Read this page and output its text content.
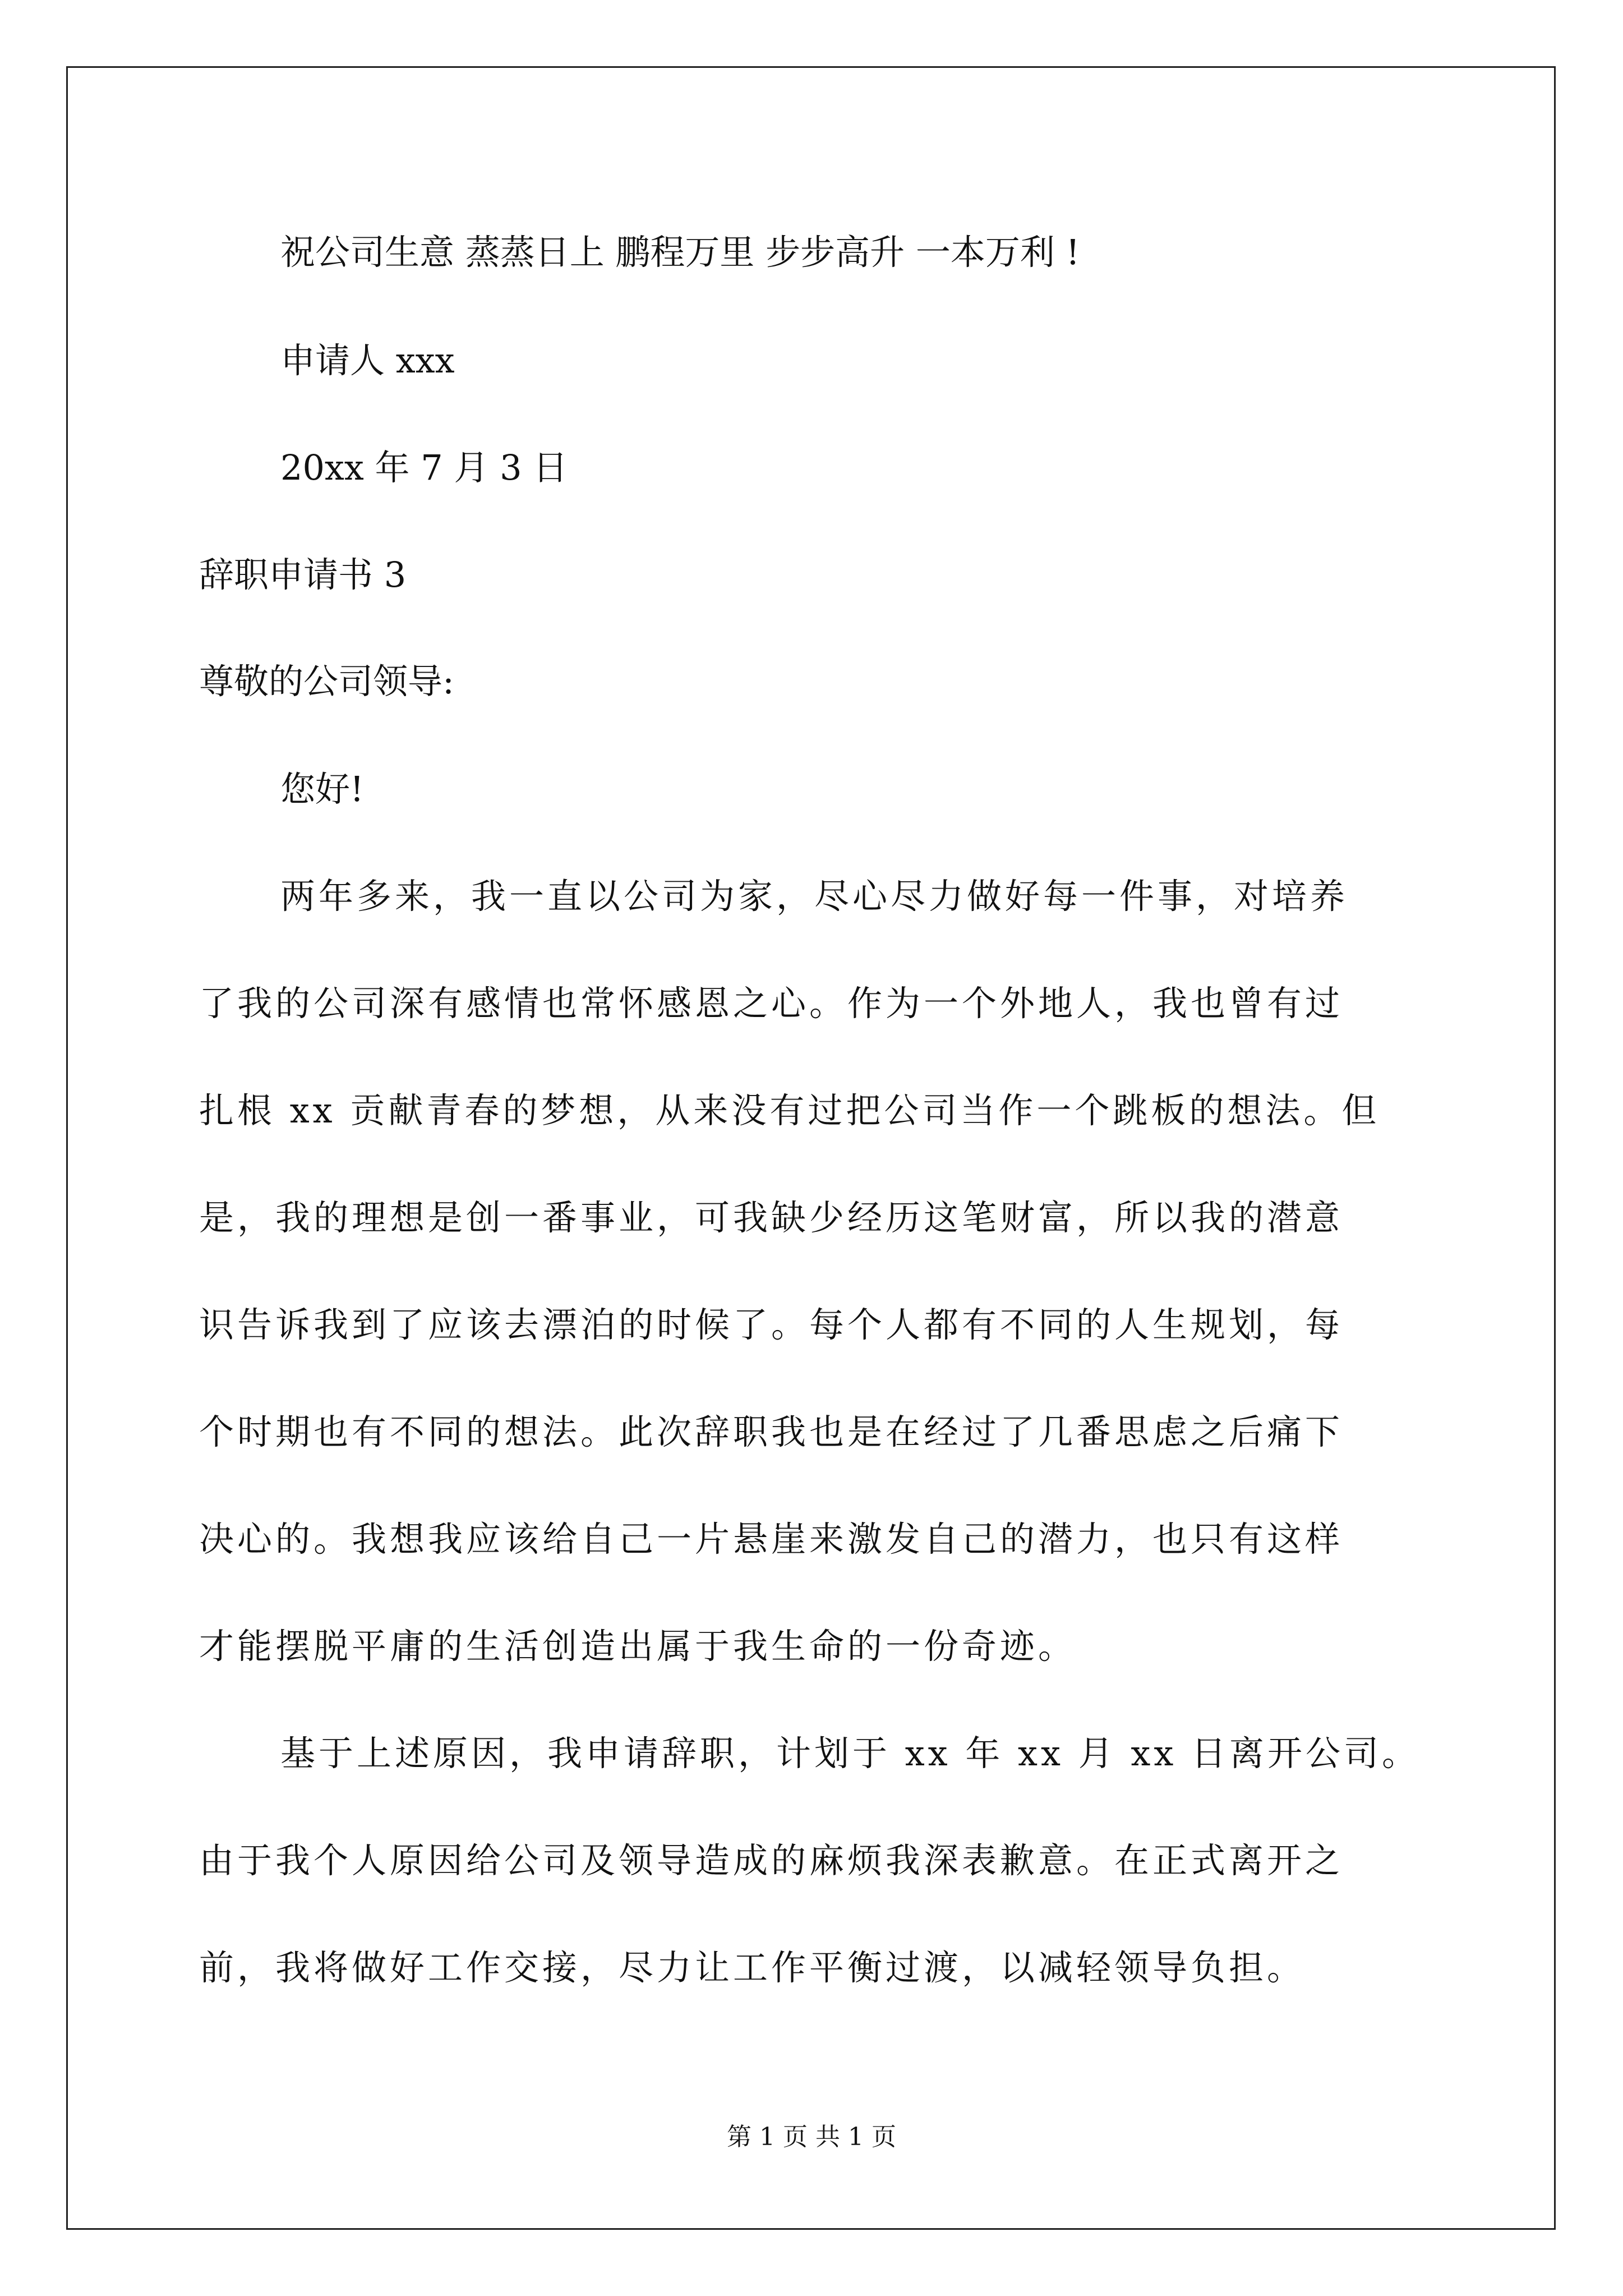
祝公司生意 蒸蒸日上 鹏程万里 步步高升 一本万利 !
申请人 xxx
20xx 年 7 月 3 日
辞职申请书 3
尊敬的公司领导:
您好!
两年多来，我一直以公司为家，尽心尽力做好每一件事，对培养
了我的公司深有感情也常怀感恩之心。作为一个外地人，我也曾有过
扎根 xx 贡献青春的梦想，从来没有过把公司当作一个跳板的想法。但
是，我的理想是创一番事业，可我缺少经历这笔财富，所以我的潜意
识告诉我到了应该去漂泊的时候了。每个人都有不同的人生规划，每
个时期也有不同的想法。此次辞职我也是在经过了几番思虑之后痛下
决心的。我想我应该给自己一片悬崖来激发自己的潜力，也只有这样
才能摆脱平庸的生活创造出属于我生命的一份奇迹。
基于上述原因，我申请辞职，计划于 xx 年 xx 月 xx 日离开公司。
由于我个人原因给公司及领导造成的麻烦我深表歉意。在正式离开之
前，我将做好工作交接，尽力让工作平衡过渡，以减轻领导负担。
第 1 页 共 1 页
